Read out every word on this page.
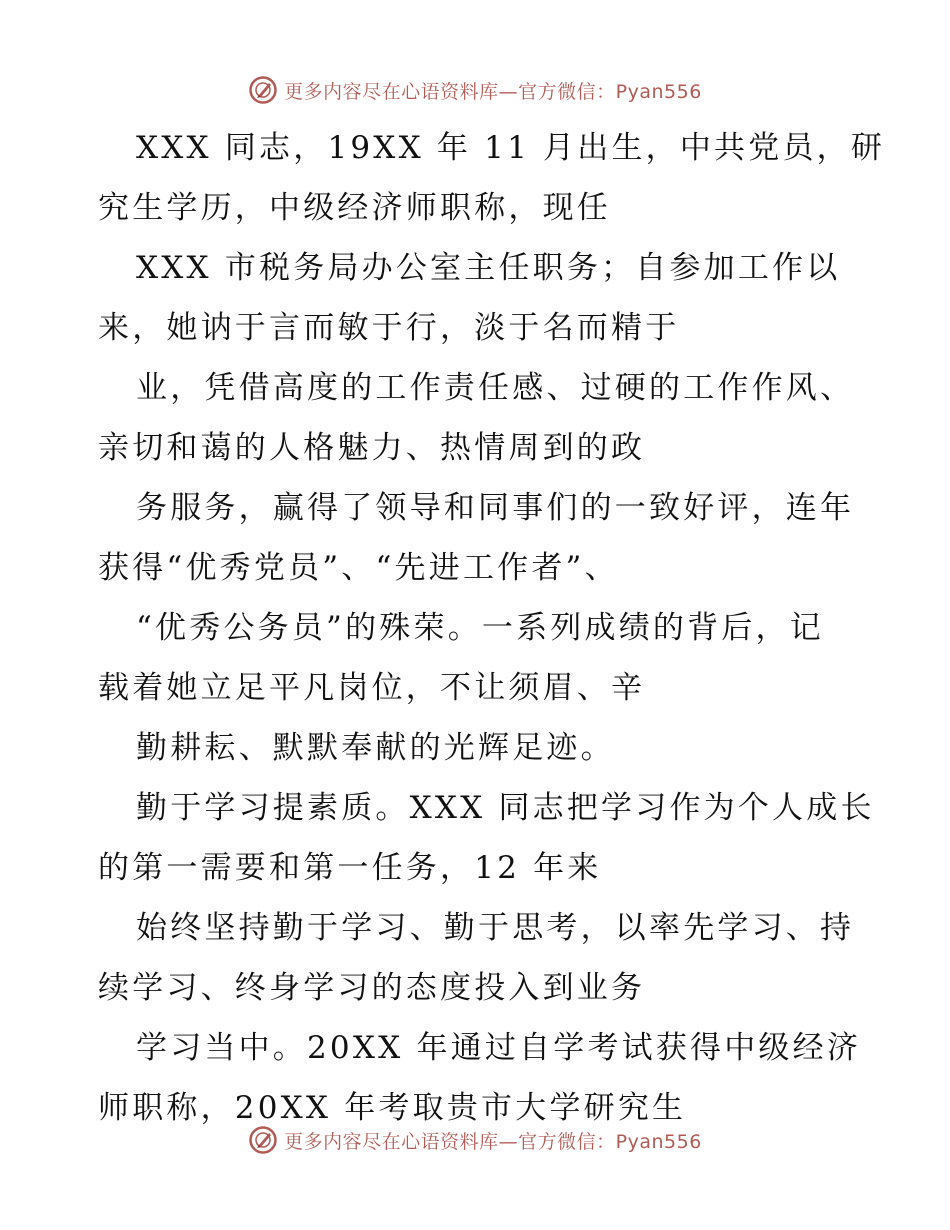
更多内容尽在心语资料库—官方微信：Pyan556
XXX 同志，19XX 年 11 月出生，中共党员，研
究生学历，中级经济师职称，现任
XXX 市税务局办公室主任职务；自参加工作以
来，她讷于言而敏于行，淡于名而精于
业，凭借高度的工作责任感、过硬的工作作风、
亲切和蔼的人格魅力、热情周到的政
务服务，赢得了领导和同事们的一致好评，连年
获得“优秀党员”、“先进工作者”、
“优秀公务员”的殊荣。一系列成绩的背后，记
载着她立足平凡岗位，不让须眉、辛
勤耕耘、默默奉献的光辉足迹。
勤于学习提素质。XXX 同志把学习作为个人成长
的第一需要和第一任务，12 年来
始终坚持勤于学习、勤于思考，以率先学习、持
续学习、终身学习的态度投入到业务
学习当中。20XX 年通过自学考试获得中级经济
师职称，20XX 年考取贵市大学研究生
更多内容尽在心语资料库—官方微信：Pyan556
